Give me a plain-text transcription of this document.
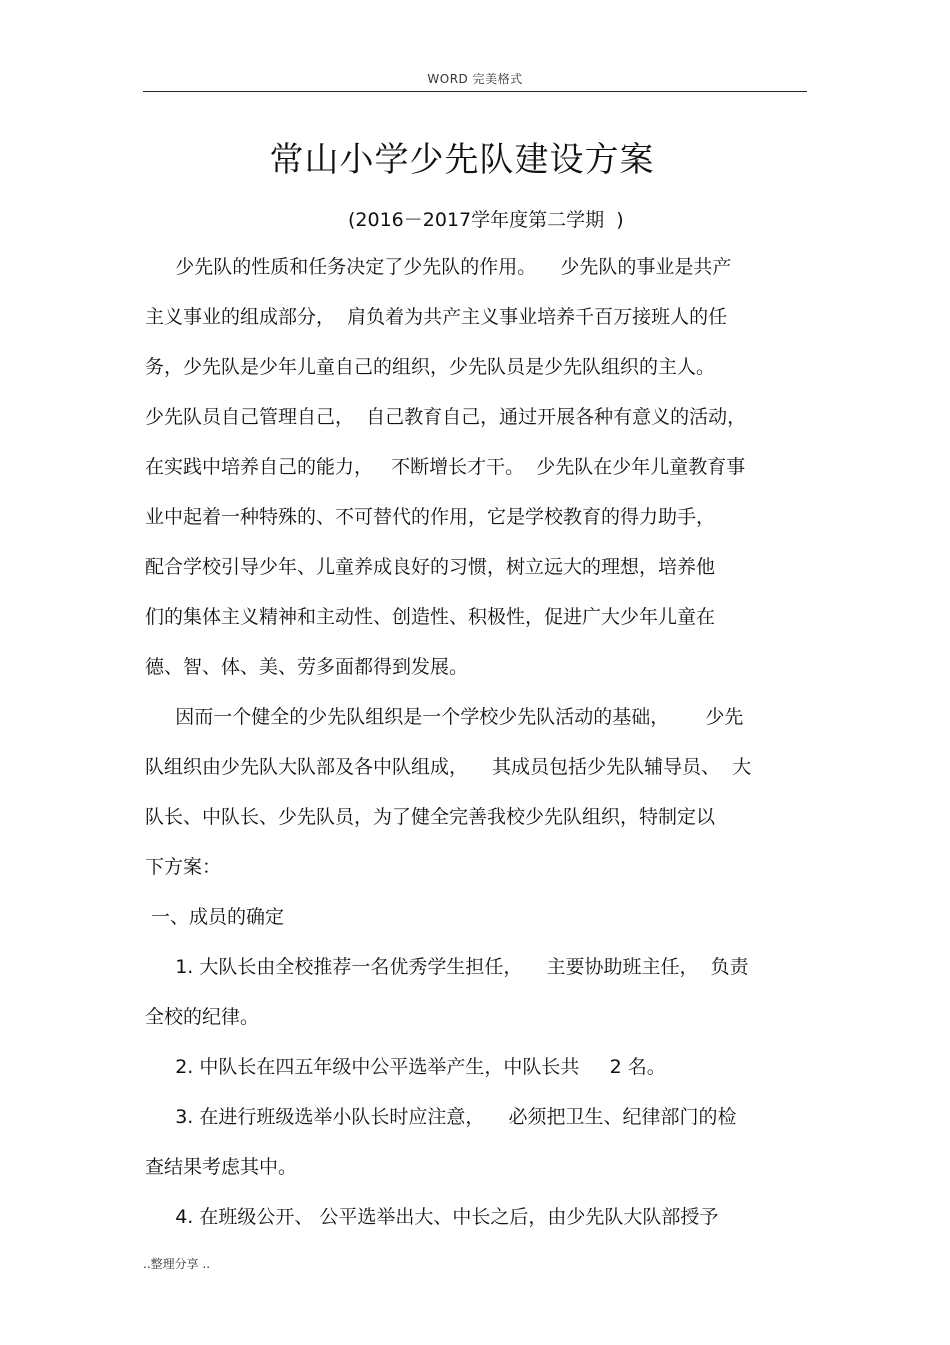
WORD 完美格式
常山小学少先队建设方案
(2016－2017学年度第二学期  )
少先队的性质和任务决定了少先队的作用。    少先队的事业是共产
主义事业的组成部分，  肩负着为共产主义事业培养千百万接班人的任
务，少先队是少年儿童自己的组织，少先队员是少先队组织的主人。
少先队员自己管理自己，  自己教育自己，通过开展各种有意义的活动，
在实践中培养自己的能力，   不断增长才干。  少先队在少年儿童教育事
业中起着一种特殊的、不可替代的作用，它是学校教育的得力助手，
配合学校引导少年、儿童养成良好的习惯，树立远大的理想，培养他
们的集体主义精神和主动性、创造性、积极性，促进广大少年儿童在
德、智、体、美、劳多面都得到发展。
因而一个健全的少先队组织是一个学校少先队活动的基础，      少先
队组织由少先队大队部及各中队组成，    其成员包括少先队辅导员、  大
队长、中队长、少先队员，为了健全完善我校少先队组织，特制定以
下方案：
一、成员的确定
1. 大队长由全校推荐一名优秀学生担任，    主要协助班主任，  负责
全校的纪律。
2. 中队长在四五年级中公平选举产生，中队长共     2 名。
3. 在进行班级选举小队长时应注意，    必须把卫生、纪律部门的检
查结果考虑其中。
4. 在班级公开、 公平选举出大、中长之后，由少先队大队部授予
..整理分享 ..
